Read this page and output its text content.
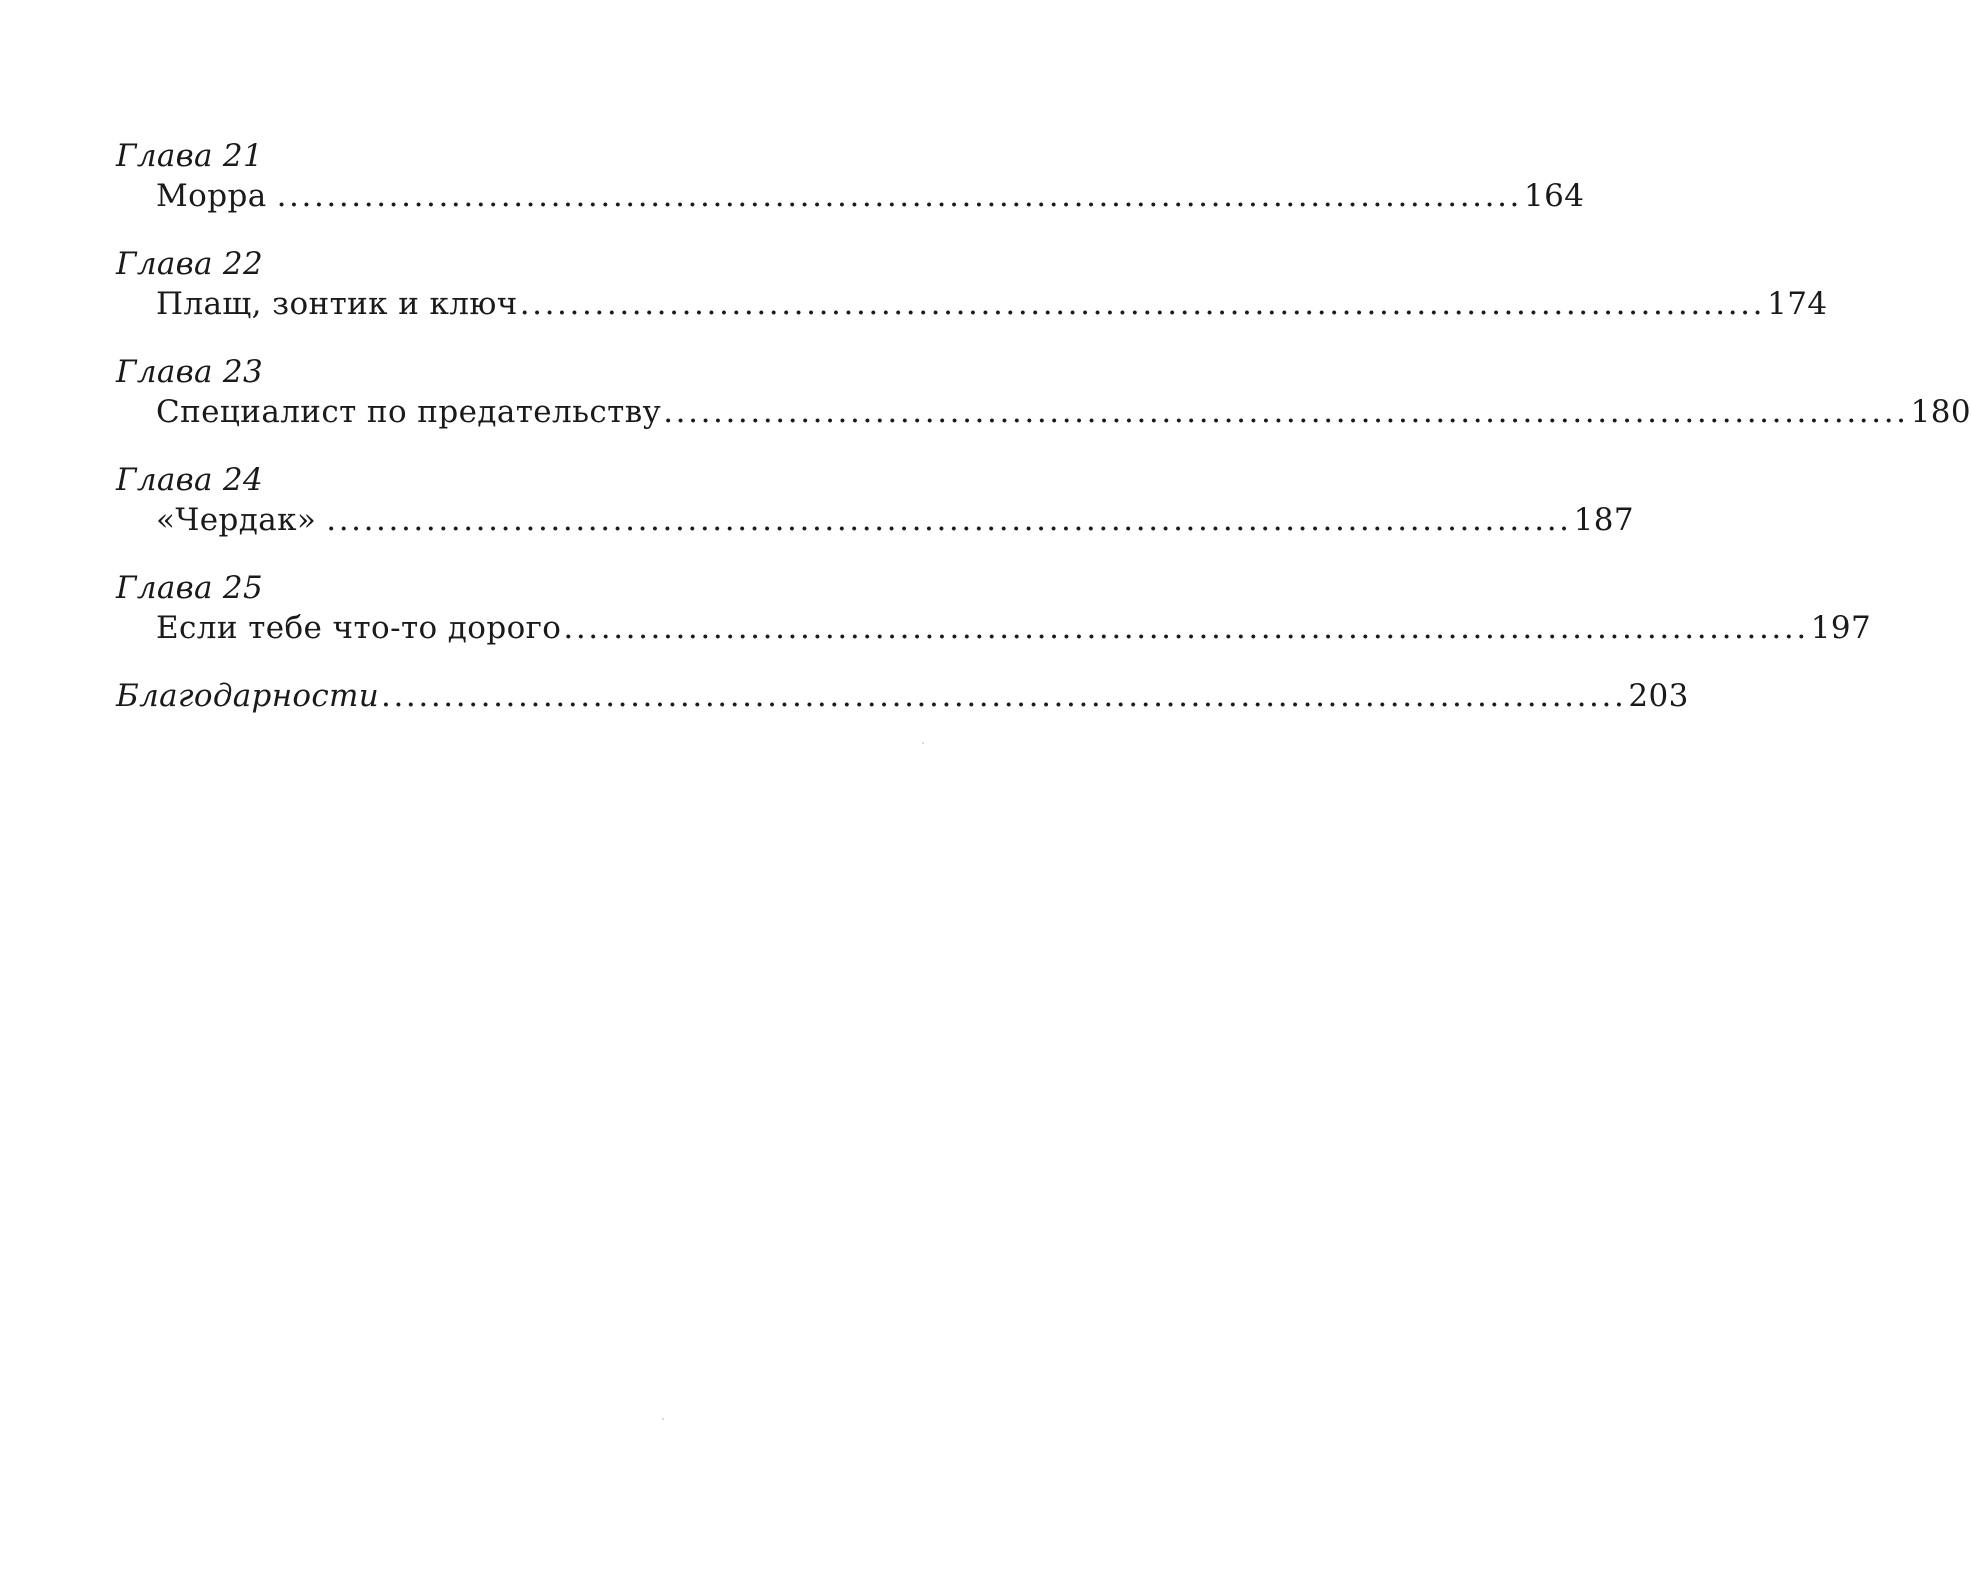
Глава 21
Морра .................................................................................................... 164
Глава 22
Плащ, зонтик и ключ .................................................................................................... 174
Глава 23
Специалист по предательству .................................................................................................... 180
Глава 24
«Чердак» .................................................................................................... 187
Глава 25
Если тебе что-то дорого .................................................................................................... 197
Благодарности .................................................................................................... 203
